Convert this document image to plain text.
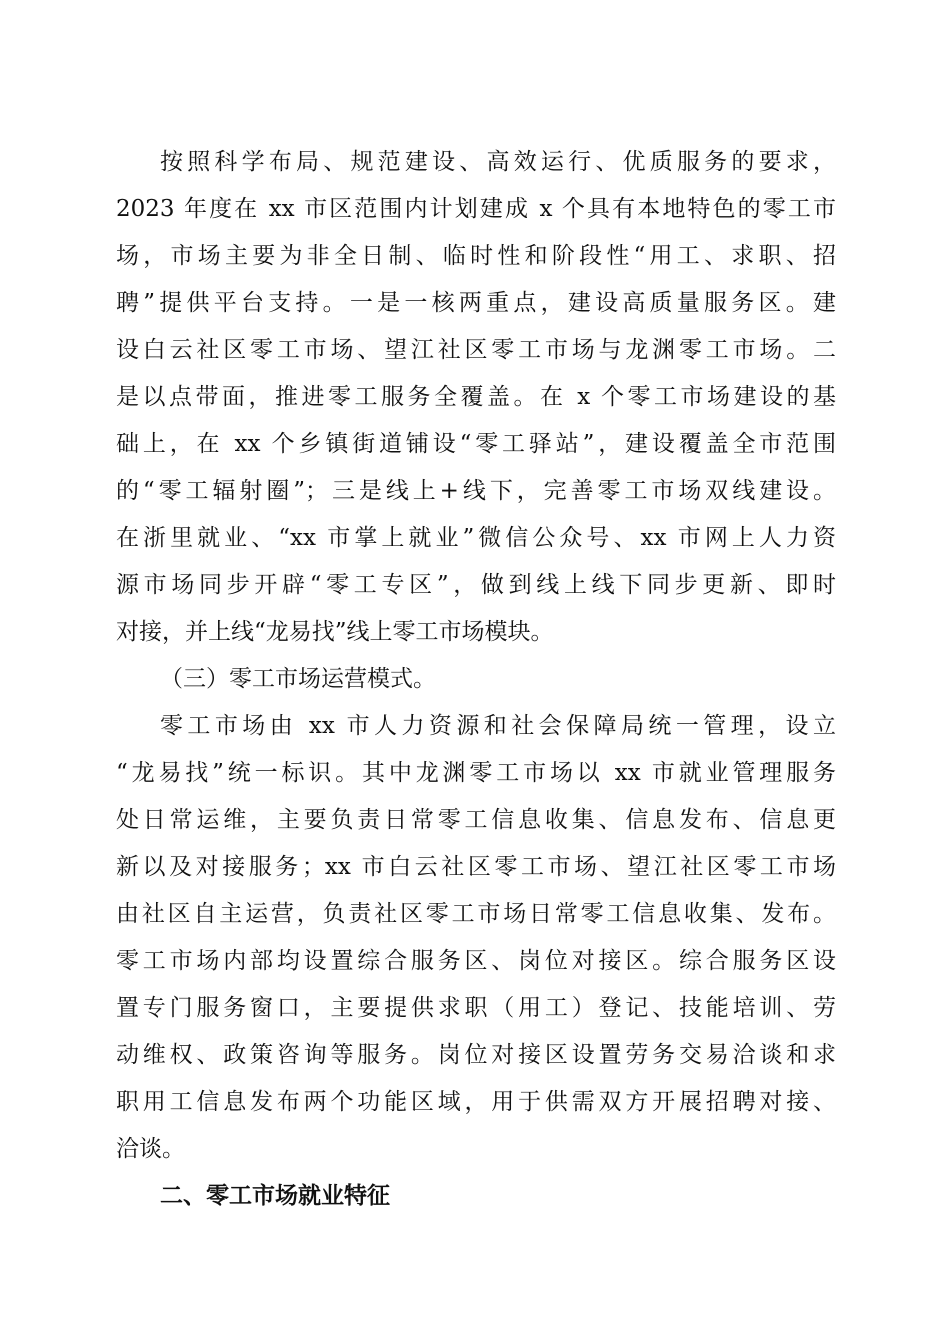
按照科学布局、规范建设、高效运行、优质服务的要求，
2023 年度在 xx 市区范围内计划建成 x 个具有本地特色的零工市
场，市场主要为非全日制、临时性和阶段性“用工、求职、招
聘”提供平台支持。一是一核两重点，建设高质量服务区。建
设白云社区零工市场、望江社区零工市场与龙渊零工市场。二
是以点带面，推进零工服务全覆盖。在 x 个零工市场建设的基
础上，在 xx 个乡镇街道铺设“零工驿站”，建设覆盖全市范围
的“零工辐射圈”；三是线上+线下，完善零工市场双线建设。
在浙里就业、“xx 市掌上就业”微信公众号、xx 市网上人力资
源市场同步开辟“零工专区”，做到线上线下同步更新、即时
对接，并上线“龙易找”线上零工市场模块。
（三）零工市场运营模式。
零工市场由 xx 市人力资源和社会保障局统一管理，设立
“龙易找”统一标识。其中龙渊零工市场以 xx 市就业管理服务
处日常运维，主要负责日常零工信息收集、信息发布、信息更
新以及对接服务；xx 市白云社区零工市场、望江社区零工市场
由社区自主运营，负责社区零工市场日常零工信息收集、发布。
零工市场内部均设置综合服务区、岗位对接区。综合服务区设
置专门服务窗口，主要提供求职（用工）登记、技能培训、劳
动维权、政策咨询等服务。岗位对接区设置劳务交易洽谈和求
职用工信息发布两个功能区域，用于供需双方开展招聘对接、
洽谈。
二、零工市场就业特征
